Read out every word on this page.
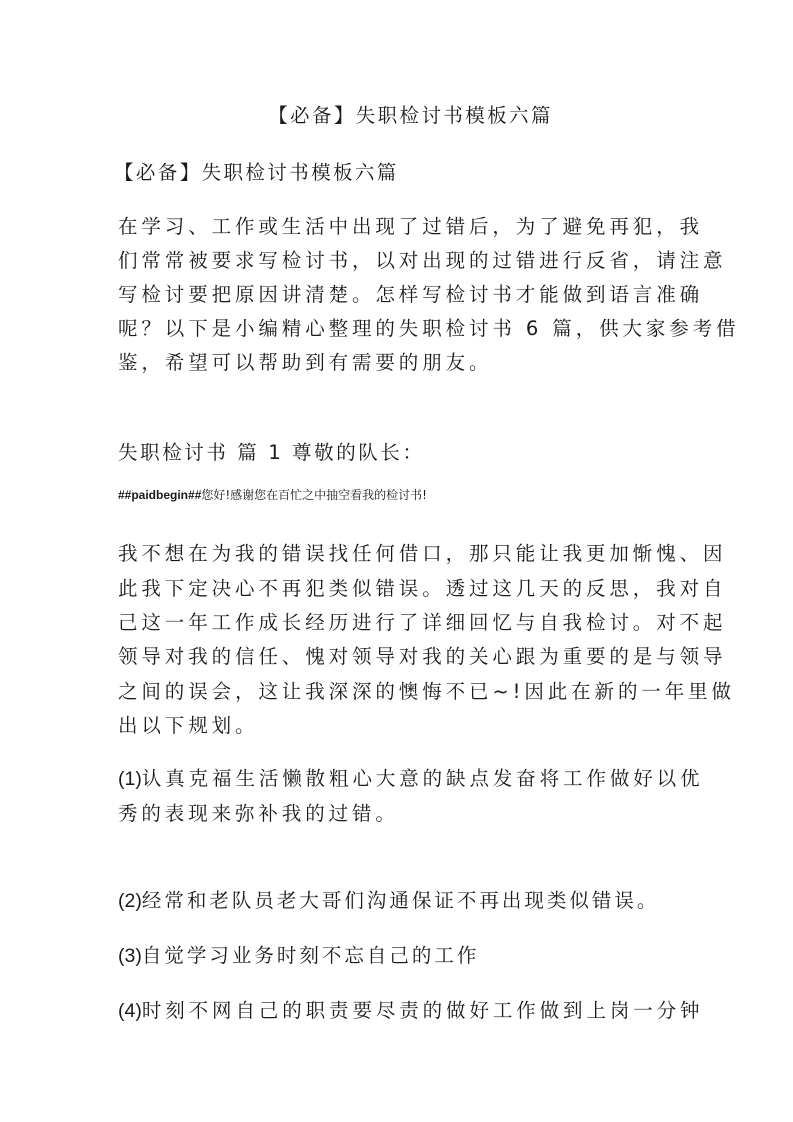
【必备】失职检讨书模板六篇
【必备】失职检讨书模板六篇
在学习、工作或生活中出现了过错后，为了避免再犯，我
们常常被要求写检讨书，以对出现的过错进行反省，请注意
写检讨要把原因讲清楚。怎样写检讨书才能做到语言准确
呢？以下是小编精心整理的失职检讨书 6 篇，供大家参考借
鉴，希望可以帮助到有需要的朋友。
失职检讨书 篇 1 尊敬的队长：
##paidbegin##您好!感谢您在百忙之中抽空看我的检讨书!
我不想在为我的错误找任何借口，那只能让我更加惭愧、因
此我下定决心不再犯类似错误。透过这几天的反思，我对自
己这一年工作成长经历进行了详细回忆与自我检讨。对不起
领导对我的信任、愧对领导对我的关心跟为重要的是与领导
之间的误会，这让我深深的懊悔不已~!因此在新的一年里做
出以下规划。
(1)认真克福生活懒散粗心大意的缺点发奋将工作做好以优
秀的表现来弥补我的过错。
(2)经常和老队员老大哥们沟通保证不再出现类似错误。
(3)自觉学习业务时刻不忘自己的工作
(4)时刻不网自己的职责要尽责的做好工作做到上岗一分钟
